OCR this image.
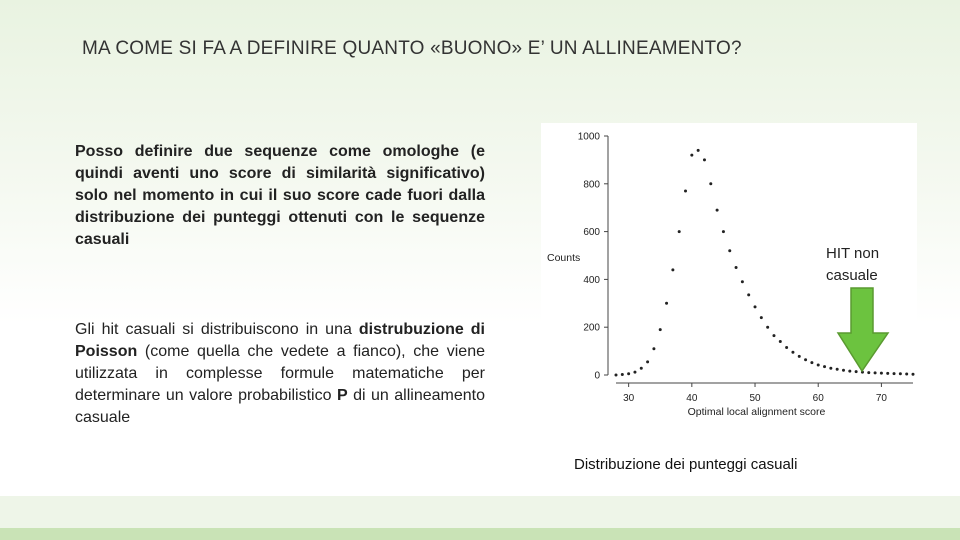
MA COME SI FA A DEFINIRE QUANTO «BUONO» E’ UN ALLINEAMENTO?
Posso definire due sequenze come omologhe (e quindi aventi uno score di similarità significativo) solo nel momento in cui il suo score cade fuori dalla distribuzione dei punteggi ottenuti con le sequenze casuali
Gli hit casuali si distribuiscono in una distrubuzione di Poisson (come quella che vedete a fianco), che viene utilizzata in complesse formule matematiche per determinare un valore probabilistico P di un allineamento casuale
0
200
400
600
800
1000
30	40	50	60	70
Optimal local alignment score
Counts	HIT non casuale
Distribuzione dei punteggi casuali
